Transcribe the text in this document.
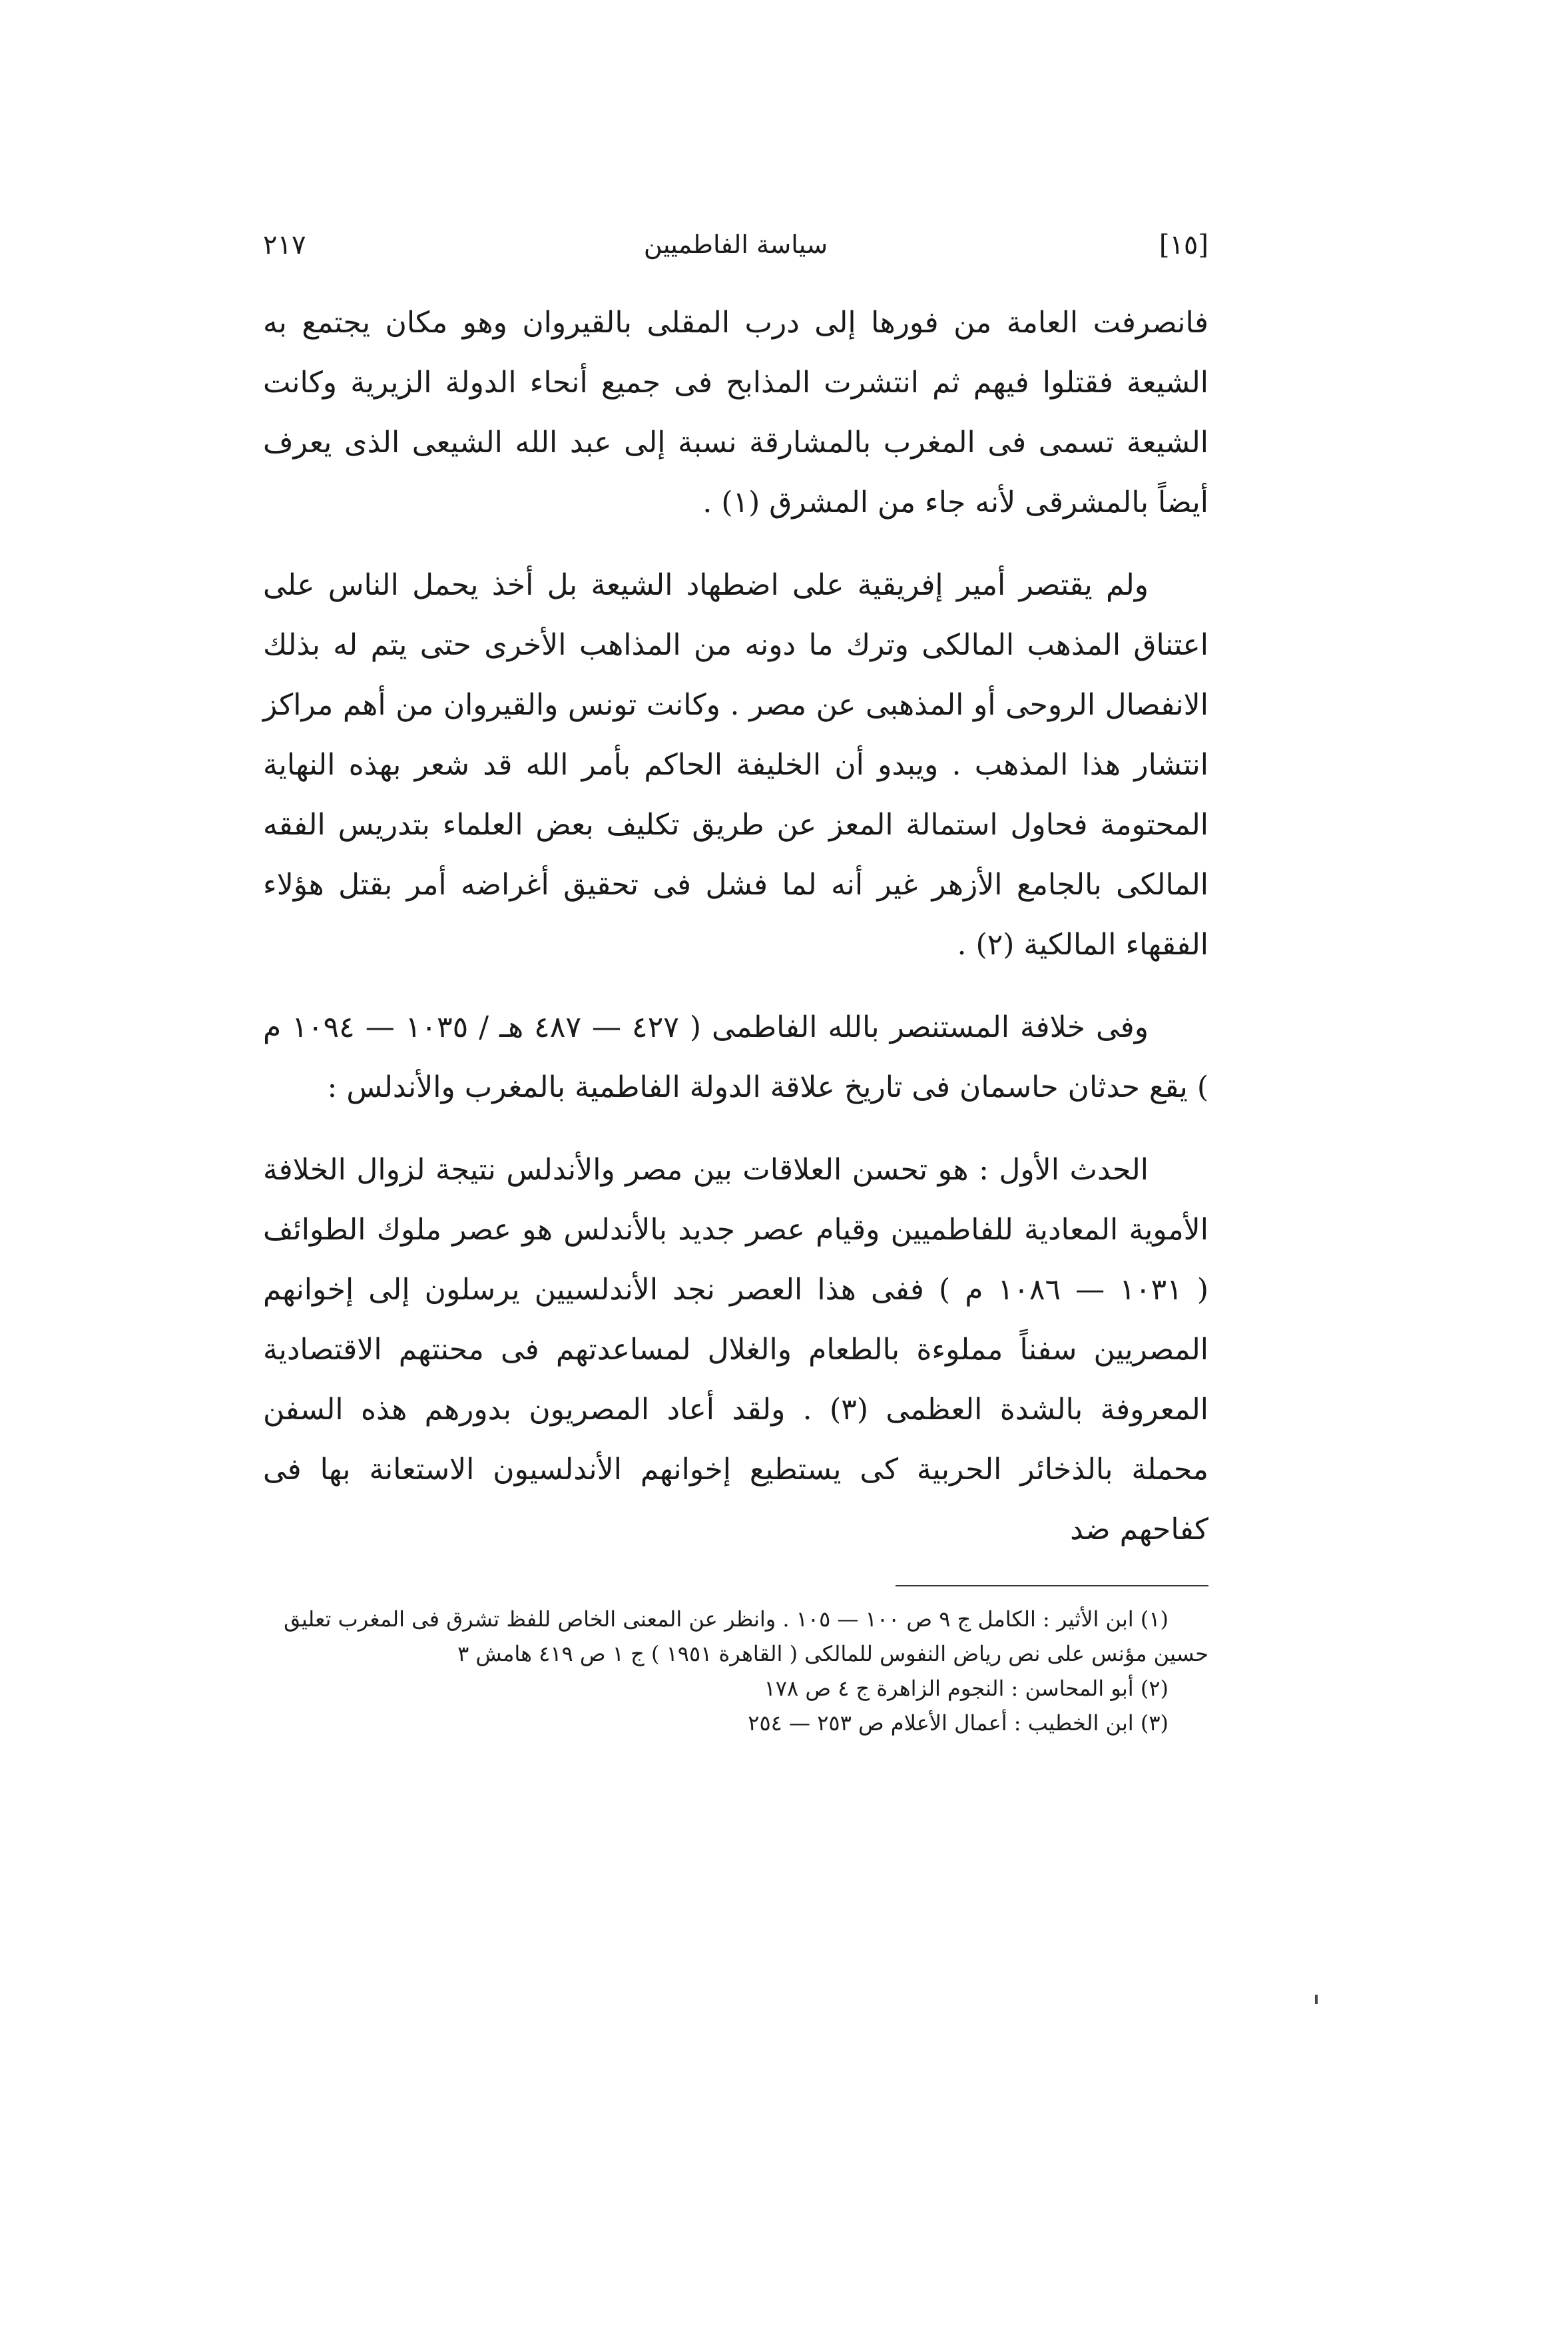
٢١٧	سياسة الفاطميين	[١٥]

فانصرفت العامة من فورها إلى درب المقلى بالقيروان وهو مكان يجتمع به الشيعة فقتلوا فيهم ثم انتشرت المذابح فى جميع أنحاء الدولة الزيرية وكانت الشيعة تسمى فى المغرب بالمشارقة نسبة إلى عبد الله الشيعى الذى يعرف أيضاً بالمشرقى لأنه جاء من المشرق (١) .

ولم يقتصر أمير إفريقية على اضطهاد الشيعة بل أخذ يحمل الناس على اعتناق المذهب المالكى وترك ما دونه من المذاهب الأخرى حتى يتم له بذلك الانفصال الروحى أو المذهبى عن مصر . وكانت تونس والقيروان من أهم مراكز انتشار هذا المذهب . ويبدو أن الخليفة الحاكم بأمر الله قد شعر بهذه النهاية المحتومة فحاول استمالة المعز عن طريق تكليف بعض العلماء بتدريس الفقه المالكى بالجامع الأزهر غير أنه لما فشل فى تحقيق أغراضه أمر بقتل هؤلاء الفقهاء المالكية (٢) .

وفى خلافة المستنصر بالله الفاطمى ( ٤٢٧ — ٤٨٧ هـ / ١٠٣٥ — ١٠٩٤ م ) يقع حدثان حاسمان فى تاريخ علاقة الدولة الفاطمية بالمغرب والأندلس :

الحدث الأول : هو تحسن العلاقات بين مصر والأندلس نتيجة لزوال الخلافة الأموية المعادية للفاطميين وقيام عصر جديد بالأندلس هو عصر ملوك الطوائف ( ١٠٣١ — ١٠٨٦ م ) ففى هذا العصر نجد الأندلسيين يرسلون إلى إخوانهم المصريين سفناً مملوءة بالطعام والغلال لمساعدتهم فى محنتهم الاقتصادية المعروفة بالشدة العظمى (٣) . ولقد أعاد المصريون بدورهم هذه السفن محملة بالذخائر الحربية كى يستطيع إخوانهم الأندلسيون الاستعانة بها فى كفاحهم ضد

(١) ابن الأثير : الكامل ج ٩ ص ١٠٠ — ١٠٥ . وانظر عن المعنى الخاص للفظ تشرق فى المغرب تعليق حسين مؤنس على نص رياض النفوس للمالكى ( القاهرة ١٩٥١ ) ج ١ ص ٤١٩ هامش ٣

(٢) أبو المحاسن : النجوم الزاهرة ج ٤ ص ١٧٨

(٣) ابن الخطيب : أعمال الأعلام ص ٢٥٣ — ٢٥٤
